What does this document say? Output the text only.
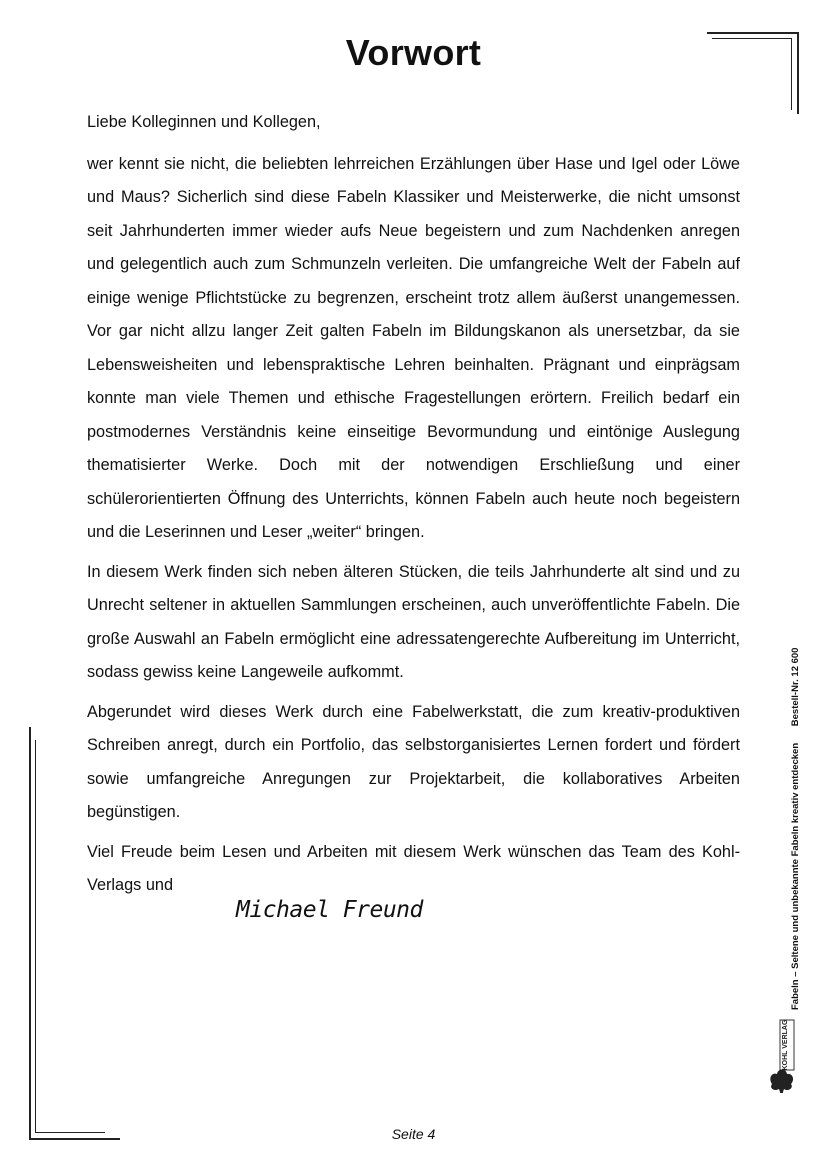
Vorwort

Liebe Kolleginnen und Kollegen,

wer kennt sie nicht, die beliebten lehrreichen Erzählungen über Hase und Igel oder Löwe und Maus? Sicherlich sind diese Fabeln Klassiker und Meisterwerke, die nicht umsonst seit Jahrhunderten immer wieder aufs Neue begeistern und zum Nachdenken anregen und gelegentlich auch zum Schmunzeln verleiten. Die umfangreiche Welt der Fabeln auf einige wenige Pflichtstücke zu begrenzen, erscheint trotz allem äußerst unangemessen. Vor gar nicht allzu langer Zeit galten Fabeln im Bildungskanon als unersetzbar, da sie Lebensweisheiten und lebenspraktische Lehren beinhalten. Prägnant und einprägsam konnte man viele Themen und ethische Fragestellungen erörtern. Freilich bedarf ein postmodernes Verständnis keine einseitige Bevormundung und eintönige Auslegung thematisierter Werke. Doch mit der notwendigen Erschließung und einer schülerorientierten Öffnung des Unterrichts, können Fabeln auch heute noch begeistern und die Leserinnen und Leser „weiter“ bringen.

In diesem Werk finden sich neben älteren Stücken, die teils Jahrhunderte alt sind und zu Unrecht seltener in aktuellen Sammlungen erscheinen, auch unveröffentlichte Fabeln. Die große Auswahl an Fabeln ermöglicht eine adressatengerechte Aufbereitung im Unterricht, sodass gewiss keine Langeweile aufkommt.

Abgerundet wird dieses Werk durch eine Fabelwerkstatt, die zum kreativ-produktiven Schreiben anregt, durch ein Portfolio, das selbstorganisiertes Lernen fordert und fördert sowie umfangreiche Anregungen zur Projektarbeit, die kollaboratives Arbeiten begünstigen.

Viel Freude beim Lesen und Arbeiten mit diesem Werk wünschen das Team des Kohl-Verlags und

Michael Freund
Seite 4
Fabeln – Seltene und unbekannte Fabeln kreativ entdecken Bestell-Nr. 12 600
KOHL VERLAG
